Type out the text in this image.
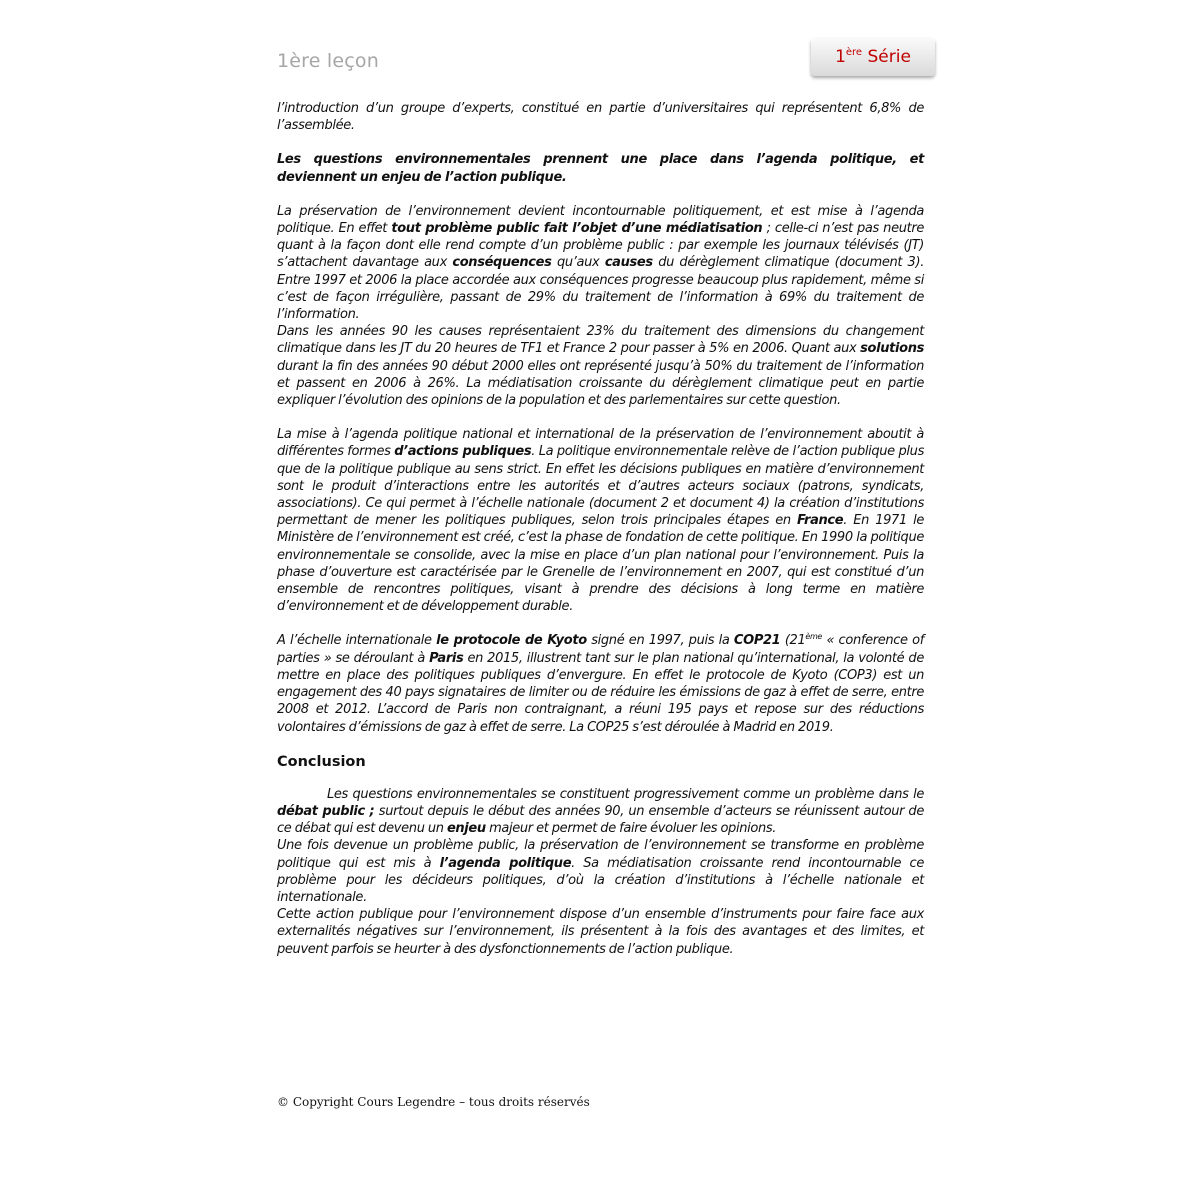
1ère leçon	1ère Série

l’introduction d’un groupe d’experts, constitué en partie d’universitaires qui représentent 6,8% de l’assemblée.

Les questions environnementales prennent une place dans l’agenda politique, et deviennent un enjeu de l’action publique.

La préservation de l’environnement devient incontournable politiquement, et est mise à l’agenda politique. En effet tout problème public fait l’objet d’une médiatisation ; celle-ci n’est pas neutre quant à la façon dont elle rend compte d’un problème public : par exemple les journaux télévisés (JT) s’attachent davantage aux conséquences qu’aux causes du dérèglement climatique (document 3). Entre 1997 et 2006 la place accordée aux conséquences progresse beaucoup plus rapidement, même si c’est de façon irrégulière, passant de 29% du traitement de l’information à 69% du traitement de l’information.

Dans les années 90 les causes représentaient 23% du traitement des dimensions du changement climatique dans les JT du 20 heures de TF1 et France 2 pour passer à 5% en 2006. Quant aux solutions durant la fin des années 90 début 2000 elles ont représenté jusqu’à 50% du traitement de l’information et passent en 2006 à 26%. La médiatisation croissante du dérèglement climatique peut en partie expliquer l’évolution des opinions de la population et des parlementaires sur cette question.

La mise à l’agenda politique national et international de la préservation de l’environnement aboutit à différentes formes d’actions publiques. La politique environnementale relève de l’action publique plus que de la politique publique au sens strict. En effet les décisions publiques en matière d’environnement sont le produit d’interactions entre les autorités et d’autres acteurs sociaux (patrons, syndicats, associations). Ce qui permet à l’échelle nationale (document 2 et document 4) la création d’institutions permettant de mener les politiques publiques, selon trois principales étapes en France. En 1971 le Ministère de l’environnement est créé, c’est la phase de fondation de cette politique. En 1990 la politique environnementale se consolide, avec la mise en place d’un plan national pour l’environnement. Puis la phase d’ouverture est caractérisée par le Grenelle de l’environnement en 2007, qui est constitué d’un ensemble de rencontres politiques, visant à prendre des décisions à long terme en matière d’environnement et de développement durable.

A l’échelle internationale le protocole de Kyoto signé en 1997, puis la COP21 (21ème « conference of parties » se déroulant à Paris en 2015, illustrent tant sur le plan national qu’international, la volonté de mettre en place des politiques publiques d’envergure. En effet le protocole de Kyoto (COP3) est un engagement des 40 pays signataires de limiter ou de réduire les émissions de gaz à effet de serre, entre 2008 et 2012. L’accord de Paris non contraignant, a réuni 195 pays et repose sur des réductions volontaires d’émissions de gaz à effet de serre. La COP25 s’est déroulée à Madrid en 2019.

Conclusion

Les questions environnementales se constituent progressivement comme un problème dans le débat public ; surtout depuis le début des années 90, un ensemble d’acteurs se réunissent autour de ce débat qui est devenu un enjeu majeur et permet de faire évoluer les opinions.

Une fois devenue un problème public, la préservation de l’environnement se transforme en problème politique qui est mis à l’agenda politique. Sa médiatisation croissante rend incontournable ce problème pour les décideurs politiques, d’où la création d’institutions à l’échelle nationale et internationale.

Cette action publique pour l’environnement dispose d’un ensemble d’instruments pour faire face aux externalités négatives sur l’environnement, ils présentent à la fois des avantages et des limites, et peuvent parfois se heurter à des dysfonctionnements de l’action publique.

© Copyright Cours Legendre – tous droits réservés
